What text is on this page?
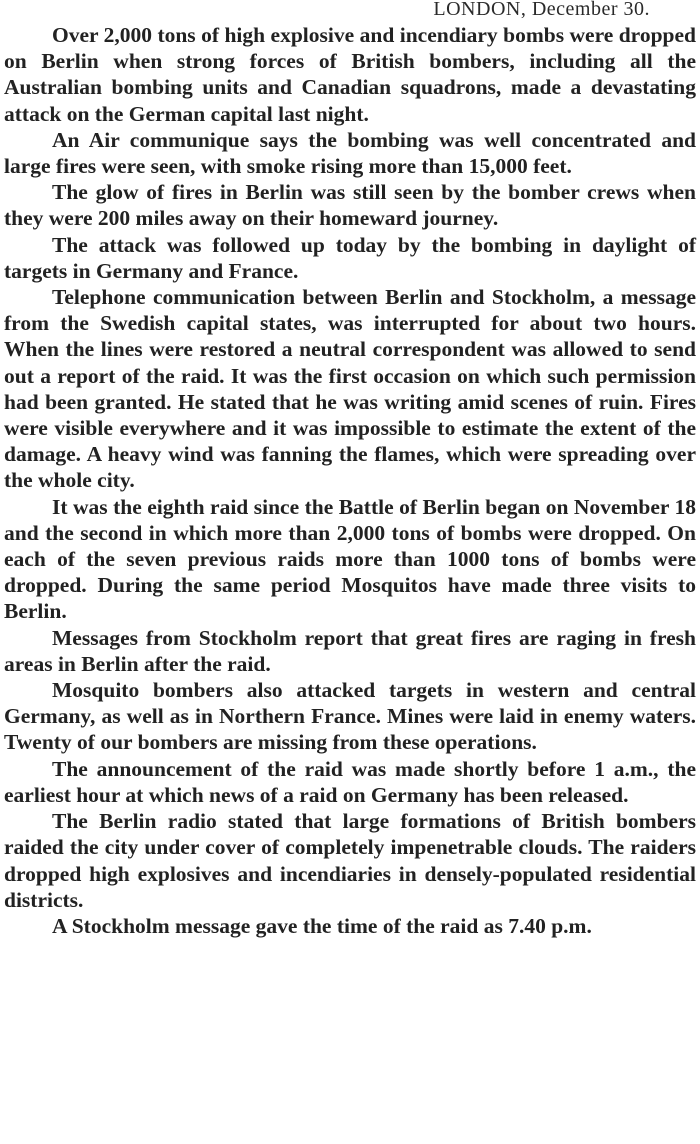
LONDON, December 30.

Over 2,000 tons of high explosive and incendiary bombs were dropped on Berlin when strong forces of British bombers, including all the Australian bombing units and Canadian squadrons, made a devastating attack on the German capital last night.

An Air communique says the bombing was well concentrated and large fires were seen, with smoke rising more than 15,000 feet.

The glow of fires in Berlin was still seen by the bomber crews when they were 200 miles away on their homeward journey.

The attack was followed up today by the bombing in daylight of targets in Germany and France.

Telephone communication between Berlin and Stockholm, a message from the Swedish capital states, was interrupted for about two hours. When the lines were restored a neutral correspondent was allowed to send out a report of the raid. It was the first occasion on which such permission had been granted. He stated that he was writing amid scenes of ruin. Fires were visible everywhere and it was impossible to estimate the extent of the damage. A heavy wind was fanning the flames, which were spreading over the whole city.

It was the eighth raid since the Battle of Berlin began on November 18 and the second in which more than 2,000 tons of bombs were dropped. On each of the seven previous raids more than 1000 tons of bombs were dropped. During the same period Mosquitos have made three visits to Berlin.

Messages from Stockholm report that great fires are raging in fresh areas in Berlin after the raid.

Mosquito bombers also attacked targets in western and central Germany, as well as in Northern France. Mines were laid in enemy waters. Twenty of our bombers are missing from these operations.

The announcement of the raid was made shortly before 1 a.m., the earliest hour at which news of a raid on Germany has been released.

The Berlin radio stated that large formations of British bombers raided the city under cover of completely impenetrable clouds. The raiders dropped high explosives and incendiaries in densely-populated residential districts.

A Stockholm message gave the time of the raid as 7.40 p.m.
